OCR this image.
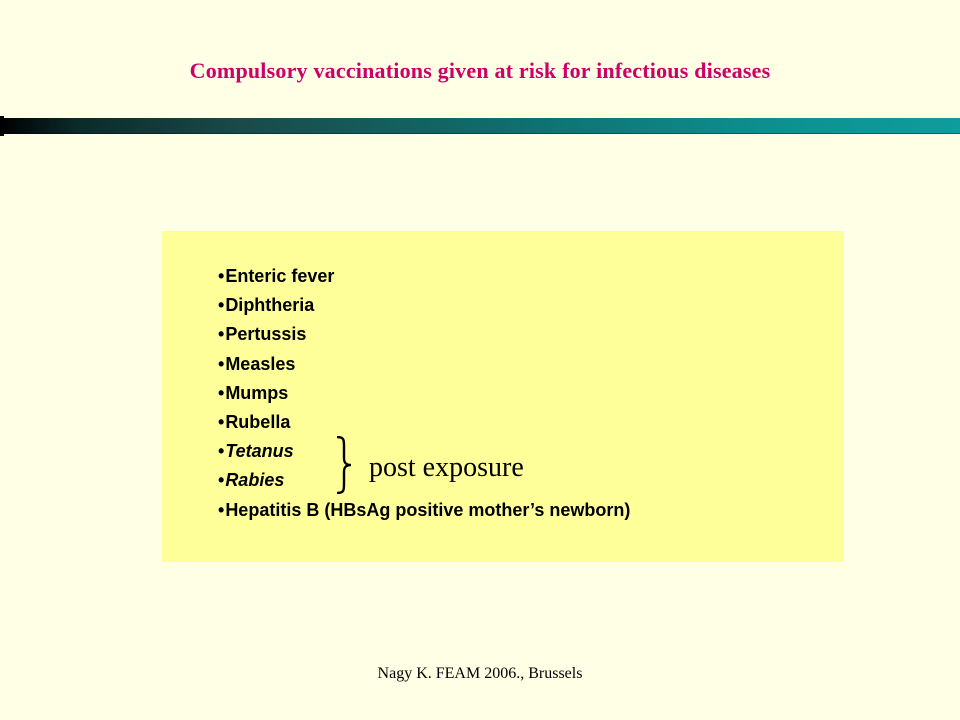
Compulsory vaccinations given at risk for infectious diseases
•Enteric fever
•Diphtheria
•Pertussis
•Measles
•Mumps
•Rubella
•Tetanus
•Rabies
•Hepatitis B (HBsAg positive mother’s newborn)
post exposure
Nagy K. FEAM 2006., Brussels
